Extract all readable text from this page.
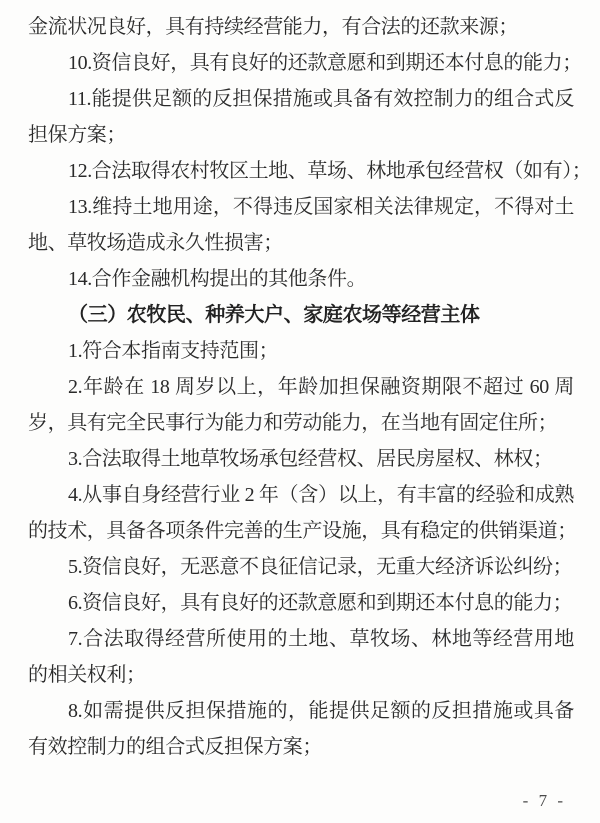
金流状况良好，具有持续经营能力，有合法的还款来源；
10.资信良好，具有良好的还款意愿和到期还本付息的能力；
11.能提供足额的反担保措施或具备有效控制力的组合式反
担保方案；
12.合法取得农村牧区土地、草场、林地承包经营权（如有）；
13.维持土地用途，不得违反国家相关法律规定，不得对土
地、草牧场造成永久性损害；
14.合作金融机构提出的其他条件。
（三）农牧民、种养大户、家庭农场等经营主体
1.符合本指南支持范围；
2.年龄在 18 周岁以上，年龄加担保融资期限不超过 60 周
岁，具有完全民事行为能力和劳动能力，在当地有固定住所；
3.合法取得土地草牧场承包经营权、居民房屋权、林权；
4.从事自身经营行业 2 年（含）以上，有丰富的经验和成熟
的技术，具备各项条件完善的生产设施，具有稳定的供销渠道；
5.资信良好，无恶意不良征信记录，无重大经济诉讼纠纷；
6.资信良好，具有良好的还款意愿和到期还本付息的能力；
7.合法取得经营所使用的土地、草牧场、林地等经营用地
的相关权利；
8.如需提供反担保措施的，能提供足额的反担措施或具备
有效控制力的组合式反担保方案；
- 7 -
